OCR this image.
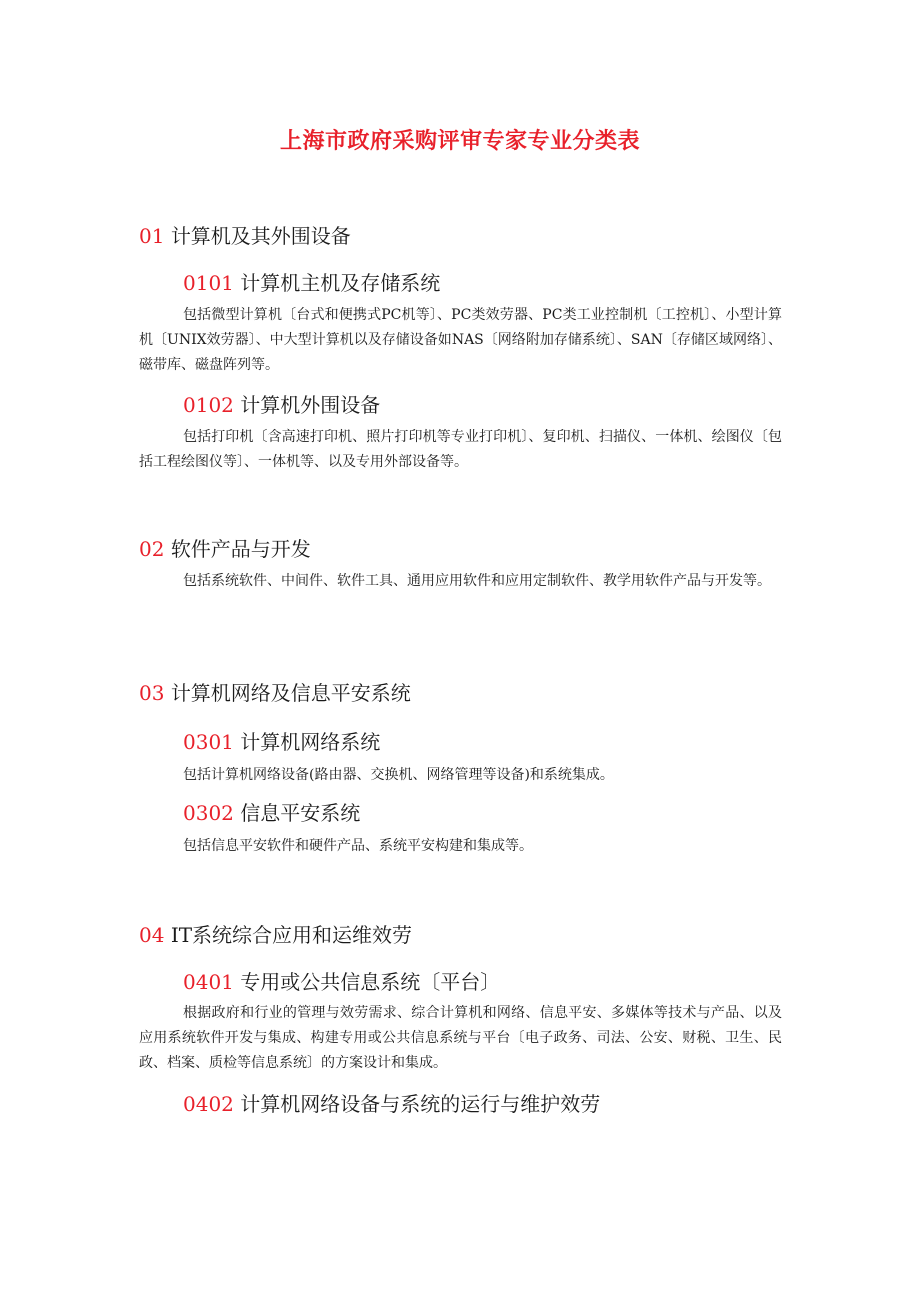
上海市政府采购评审专家专业分类表
01 计算机及其外围设备
0101 计算机主机及存储系统

包括微型计算机〔台式和便携式PC机等〕、PC类效劳器、PC类工业控制机〔工控机〕、小型计算机〔UNIX效劳器〕、中大型计算机以及存储设备如NAS〔网络附加存储系统〕、SAN〔存储区域网络〕、磁带库、磁盘阵列等。

0102 计算机外围设备

包括打印机〔含高速打印机、照片打印机等专业打印机〕、复印机、扫描仪、一体机、绘图仪〔包括工程绘图仪等〕、一体机等、以及专用外部设备等。

02 软件产品与开发

包括系统软件、中间件、软件工具、通用应用软件和应用定制软件、教学用软件产品与开发等。

03 计算机网络及信息平安系统
0301 计算机网络系统

包括计算机网络设备(路由器、交换机、网络管理等设备)和系统集成。

0302 信息平安系统

包括信息平安软件和硬件产品、系统平安构建和集成等。

04 IT系统综合应用和运维效劳
0401 专用或公共信息系统〔平台〕

根据政府和行业的管理与效劳需求、综合计算机和网络、信息平安、多媒体等技术与产品、以及应用系统软件开发与集成、构建专用或公共信息系统与平台〔电子政务、司法、公安、财税、卫生、民政、档案、质检等信息系统〕的方案设计和集成。

0402 计算机网络设备与系统的运行与维护效劳
